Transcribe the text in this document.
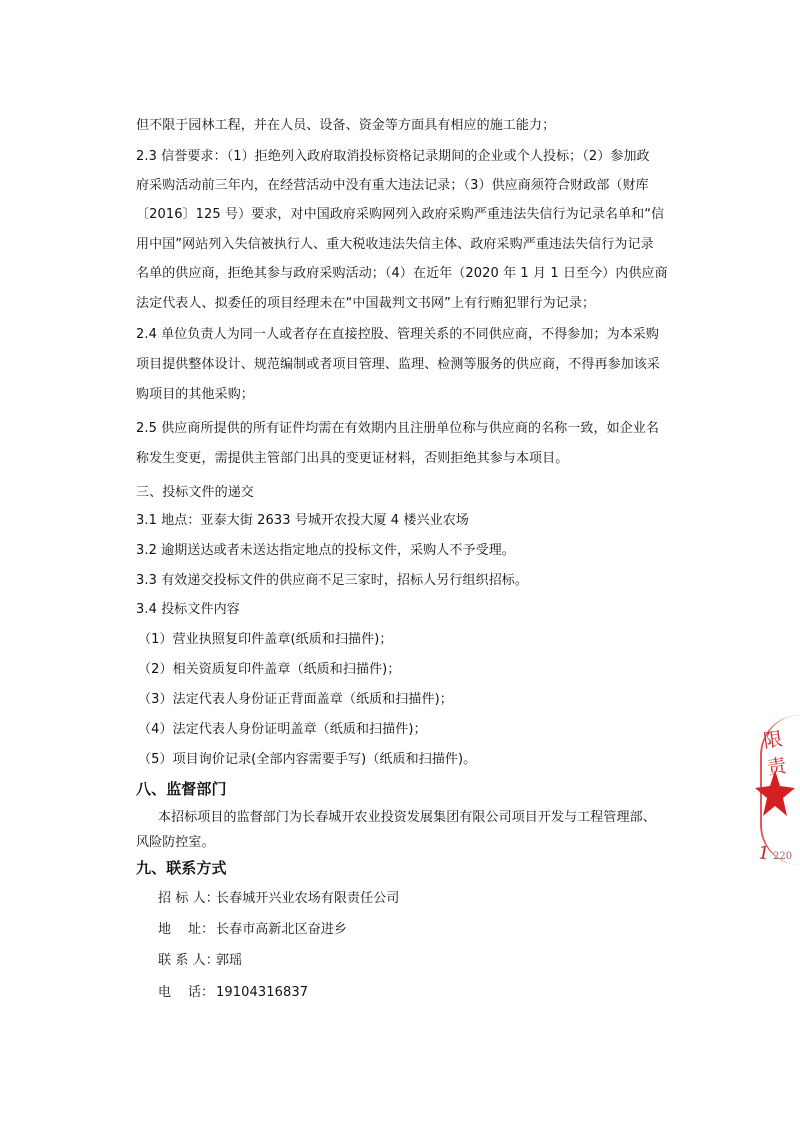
但不限于园林工程，并在人员、设备、资金等方面具有相应的施工能力；

2.3 信誉要求：（1）拒绝列入政府取消投标资格记录期间的企业或个人投标；（2）参加政

府采购活动前三年内，在经营活动中没有重大违法记录；（3）供应商须符合财政部（财库

〔2016〕125 号）要求，对中国政府采购网列入政府采购严重违法失信行为记录名单和“信

用中国”网站列入失信被执行人、重大税收违法失信主体、政府采购严重违法失信行为记录

名单的供应商，拒绝其参与政府采购活动；（4）在近年（2020 年 1 月 1 日至今）内供应商

法定代表人、拟委任的项目经理未在“中国裁判文书网”上有行贿犯罪行为记录；

2.4 单位负责人为同一人或者存在直接控股、管理关系的不同供应商，不得参加；为本采购

项目提供整体设计、规范编制或者项目管理、监理、检测等服务的供应商，不得再参加该采

购项目的其他采购；

2.5 供应商所提供的所有证件均需在有效期内且注册单位称与供应商的名称一致，如企业名

称发生变更，需提供主管部门出具的变更证材料，否则拒绝其参与本项目。

三、投标文件的递交

3.1 地点：亚泰大街 2633 号城开农投大厦 4 楼兴业农场

3.2 逾期送达或者未送达指定地点的投标文件，采购人不予受理。

3.3 有效递交投标文件的供应商不足三家时，招标人另行组织招标。

3.4 投标文件内容

（1）营业执照复印件盖章(纸质和扫描件)；

（2）相关资质复印件盖章（纸质和扫描件)；

（3）法定代表人身份证正背面盖章（纸质和扫描件)；

（4）法定代表人身份证明盖章（纸质和扫描件)；

（5）项目询价记录(全部内容需要手写)（纸质和扫描件)。

八、监督部门

本招标项目的监督部门为长春城开农业投资发展集团有限公司项目开发与工程管理部、

风险防控室。

九、联系方式

招 标 人：长春城开兴业农场有限责任公司

地    址： 长春市高新北区奋进乡

联 系 人：郭瑶

电    话： 19104316837

限责
1 220
